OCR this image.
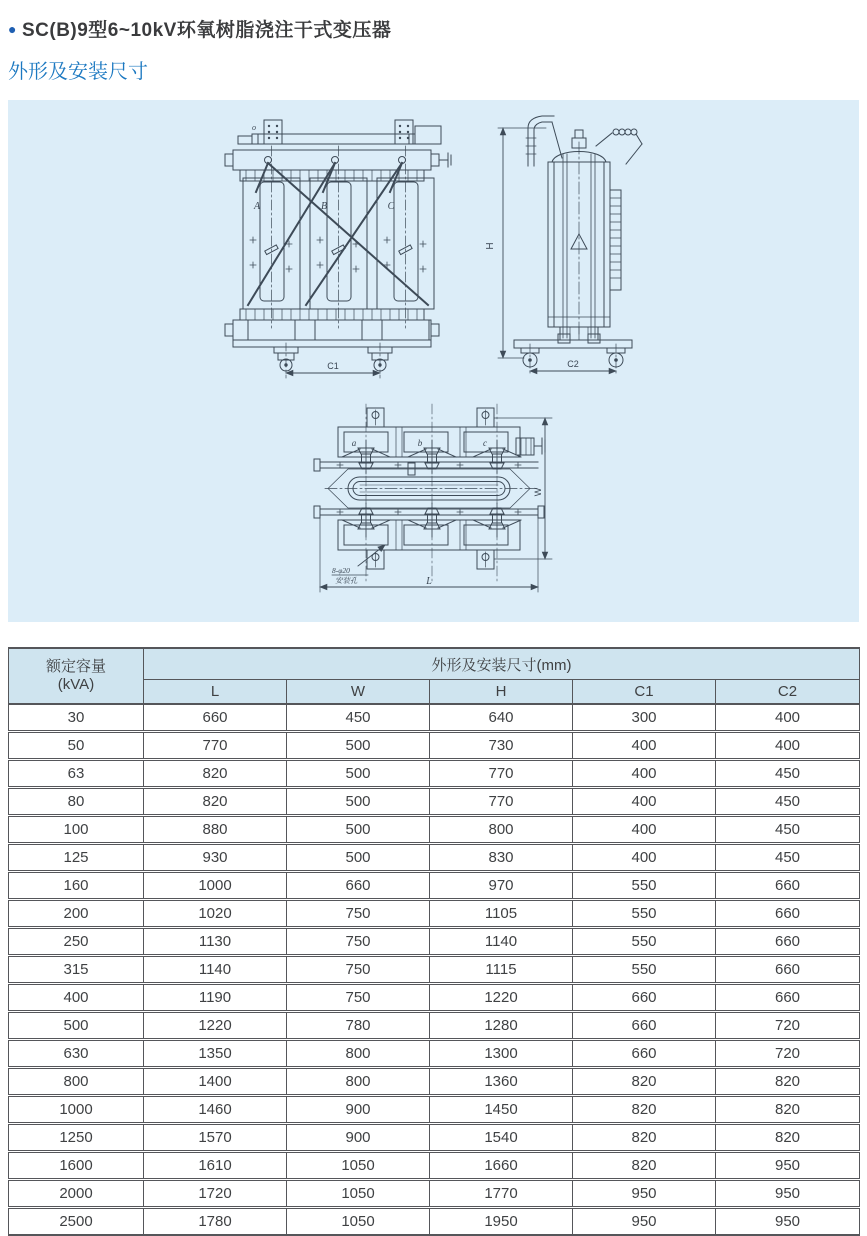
● SC(B)9型6~10kV环氧树脂浇注干式变压器
外形及安装尺寸
o
A	B	C
C1
H
C2
a	b	c
W
L
8-φ20
安装孔
额定容量
(kVA)	外形及安装尺寸(mm)				
	L	W	H	C1	C2
30	660	450	640	300	400
50	770	500	730	400	400
63	820	500	770	400	450
80	820	500	770	400	450
100	880	500	800	400	450
125	930	500	830	400	450
160	1000	660	970	550	660
200	1020	750	1105	550	660
250	1130	750	1140	550	660
315	1140	750	1115	550	660
400	1190	750	1220	660	660
500	1220	780	1280	660	720
630	1350	800	1300	660	720
800	1400	800	1360	820	820
1000	1460	900	1450	820	820
1250	1570	900	1540	820	820
1600	1610	1050	1660	820	950
2000	1720	1050	1770	950	950
2500	1780	1050	1950	950	950
